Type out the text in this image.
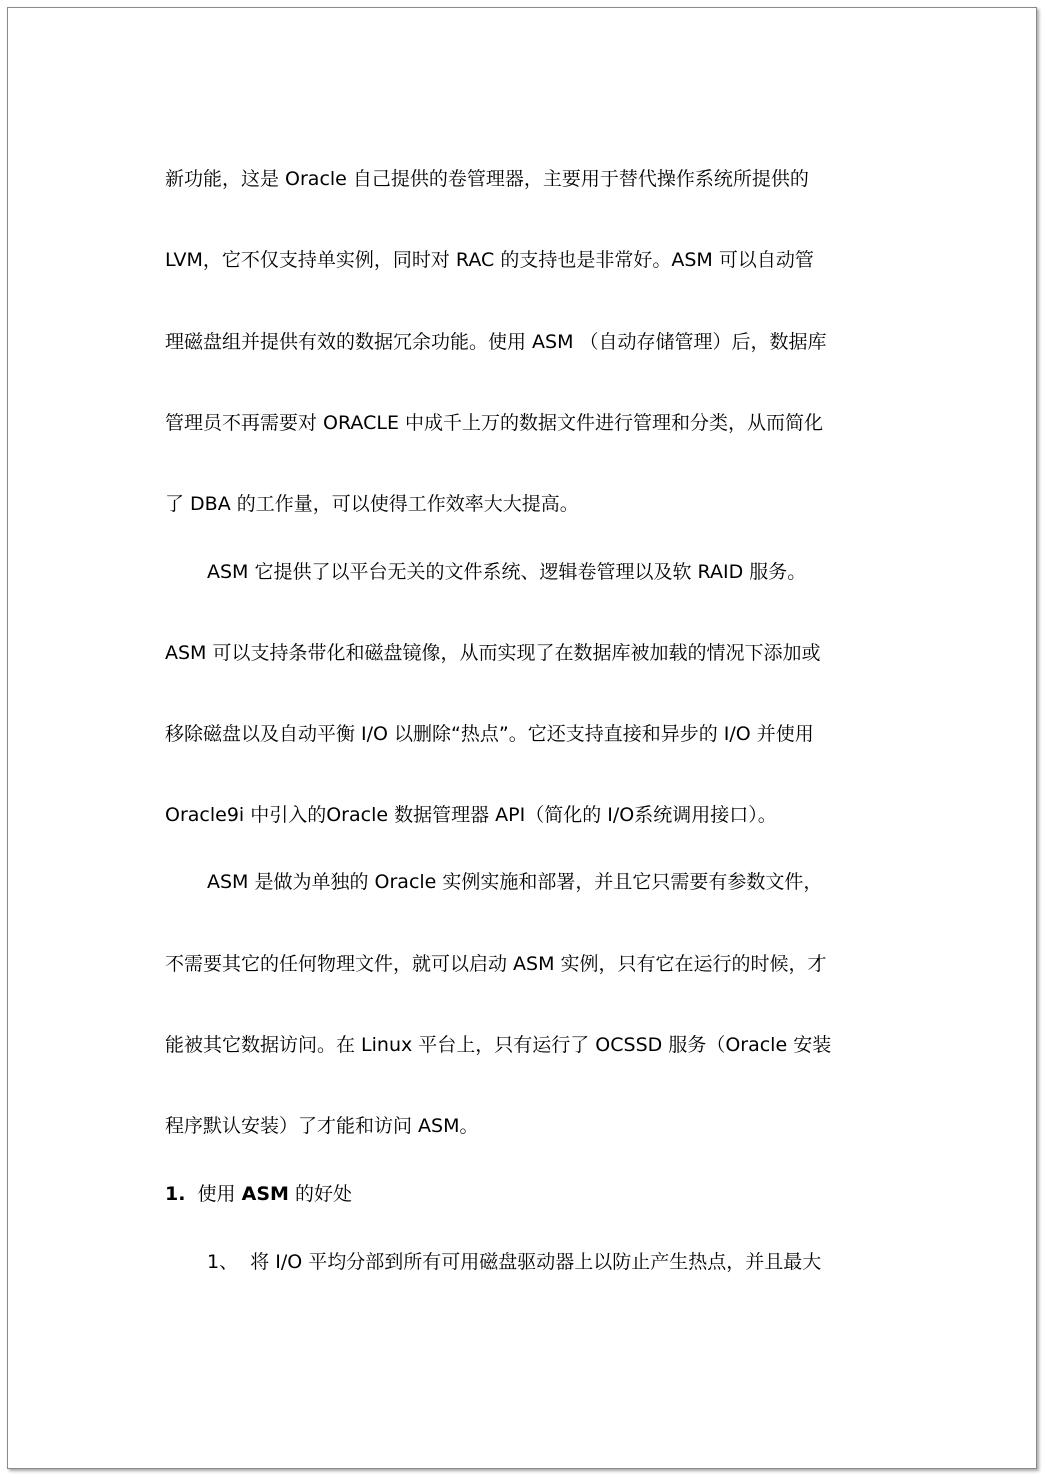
新功能，这是 Oracle 自己提供的卷管理器，主要用于替代操作系统所提供的
LVM，它不仅支持单实例，同时对 RAC 的支持也是非常好。ASM 可以自动管
理磁盘组并提供有效的数据冗余功能。使用 ASM （自动存储管理）后，数据库
管理员不再需要对 ORACLE 中成千上万的数据文件进行管理和分类，从而简化
了 DBA 的工作量，可以使得工作效率大大提高。
ASM 它提供了以平台无关的文件系统、逻辑卷管理以及软 RAID 服务。
ASM 可以支持条带化和磁盘镜像，从而实现了在数据库被加载的情况下添加或
移除磁盘以及自动平衡 I/O 以删除“热点”。它还支持直接和异步的 I/O 并使用
Oracle9i 中引入的Oracle 数据管理器 API（简化的 I/O系统调用接口）。
ASM 是做为单独的 Oracle 实例实施和部署，并且它只需要有参数文件，
不需要其它的任何物理文件，就可以启动 ASM 实例，只有它在运行的时候，才
能被其它数据访问。在 Linux 平台上，只有运行了 OCSSD 服务（Oracle 安装
程序默认安装）了才能和访问 ASM。
1. 使用 ASM 的好处
1、 将 I/O 平均分部到所有可用磁盘驱动器上以防止产生热点，并且最大
